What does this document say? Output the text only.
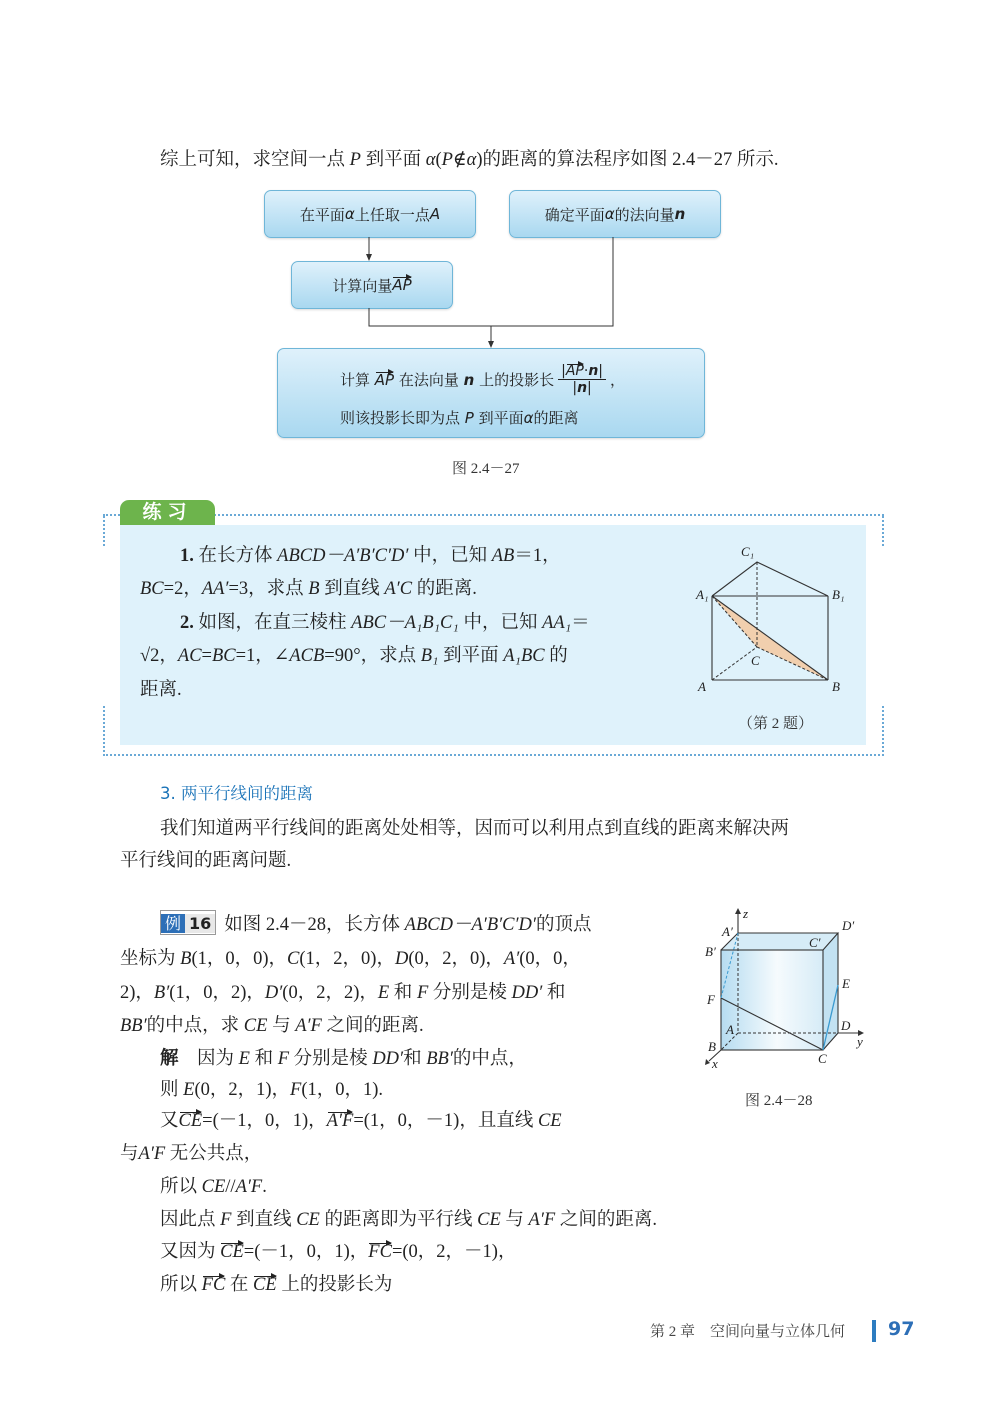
综上可知，求空间一点 P 到平面 α(P∉α)的距离的算法程序如图 2.4－27 所示.
在平面 α 上任取一点 A	确定平面 α 的法向量 n
计算向量 AP
计算 AP 在法向量 n 上的投影长 $\frac{|AP\cdot n|}{|n|}$ ，
则该投影长即为点 P 到平面α的距离
图 2.4－27
练习
1. 在长方体 ABCD－A′B′C′D′ 中，已知 AB＝1，
BC=2，AA′=3，求点 B 到直线 A′C 的距离.
2. 如图，在直三棱柱 ABC－A₁B₁C₁ 中，已知 AA₁＝
√2，AC=BC=1，∠ACB=90°，求点 B₁ 到平面 A₁BC 的
距离.
C₁
A₁	B₁
A	B
C
（第 2 题）
3. 两平行线间的距离
我们知道两平行线间的距离处处相等，因而可以利用点到直线的距离来解决两
平行线间的距离问题.
例 16 如图 2.4－28，长方体 ABCD－A′B′C′D′的顶点
坐标为 B(1，0，0)，C(1，2，0)，D(0，2，0)，A′(0，0，
2)，B′(1，0，2)，D′(0，2，2)，E 和 F 分别是棱 DD′ 和
BB′的中点，求 CE 与 A′F 之间的距离.
解　因为 E 和 F 分别是棱 DD′和 BB′的中点，
则 E(0，2，1)，F(1，0，1).
又CE=(－1，0，1)，A′F=(1，0，－1)，且直线 CE
与A′F 无公共点，
所以 CE//A′F.
因此点 F 到直线 CE 的距离即为平行线 CE 与 A′F 之间的距离.
又因为 CE=(－1，0，1)，FC=(0，2，－1)，
所以 FC 在 CE 上的投影长为
z
y
x
A′
B′
C′
D′
F
E
A
B
C
D
图 2.4－28
第 2 章　空间向量与立体几何 97
